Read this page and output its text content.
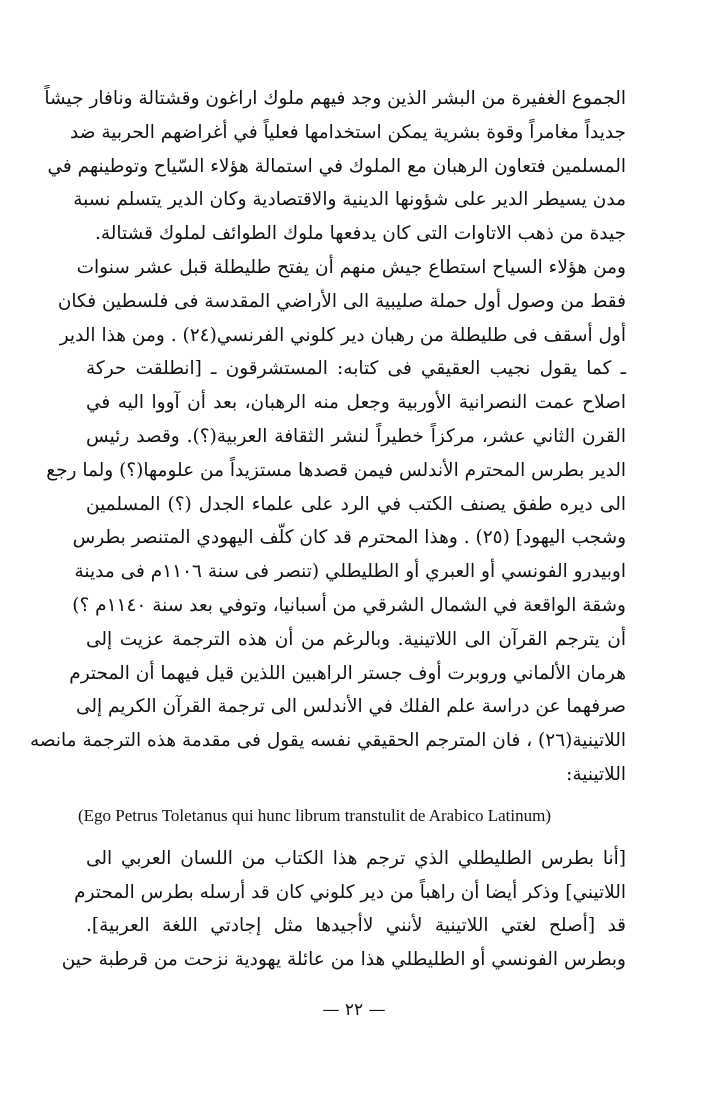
الجموع الغفيرة من البشر الذين وجد فيهم ملوك اراغون وقشتالة ونافار جيشاً
جديداً مغامراً وقوة بشرية يمكن استخدامها فعلياً في أغراضهم الحربية ضد
المسلمين فتعاون الرهبان مع الملوك في استمالة هؤلاء السّياح وتوطينهم في
مدن يسيطر الدير على شؤونها الدينية والاقتصادية وكان الدير يتسلم نسبة
جيدة من ذهب الاتاوات التى كان يدفعها ملوك الطوائف لملوك قشتالة.
ومن هؤلاء السياح استطاع جيش منهم أن يفتح طليطلة قبل عشر سنوات
فقط من وصول أول حملة صليبية الى الأراضي المقدسة فى فلسطين فكان
أول أسقف فى طليطلة من رهبان دير كلوني الفرنسي(٢٤) . ومن هذا الدير
ـ كما يقول نجيب العقيقي فى كتابه: المستشرقون ـ [انطلقت حركة
اصلاح عمت النصرانية الأوربية وجعل منه الرهبان، بعد أن آووا اليه في
القرن الثاني عشر، مركزاً خطيراً لنشر الثقافة العربية(؟). وقصد رئيس
الدير بطرس المحترم الأندلس فيمن قصدها مستزيداً من علومها(؟) ولما رجع
الى ديره طفق يصنف الكتب في الرد على علماء الجدل (؟) المسلمين
وشجب اليهود] (٢٥) . وهذا المحترم قد كان كلّف اليهودي المتنصر بطرس
اوبيدرو الفونسي أو العبري أو الطليطلي (تنصر فى سنة ١١٠٦م فى مدينة
وشقة الواقعة في الشمال الشرقي من أسبانيا، وتوفي بعد سنة ١١٤٠م ؟)
أن يترجم القرآن الى اللاتينية. وبالرغم من أن هذه الترجمة عزيت إلى
هرمان الألماني وروبرت أوف جستر الراهبين اللذين قيل فيهما أن المحترم
صرفهما عن دراسة علم الفلك في الأندلس الى ترجمة القرآن الكريم إلى
اللاتينية(٢٦) ، فان المترجم الحقيقي نفسه يقول فى مقدمة هذه الترجمة مانصه
اللاتينية:
(Ego Petrus Toletanus qui hunc librum transtulit de Arabico Latinum)
[أنا بطرس الطليطلي الذي ترجم هذا الكتاب من اللسان العربي الى
اللاتيني] وذكر أيضا أن راهباً من دير كلوني كان قد أرسله بطرس المحترم
قد [أصلح لغتي اللاتينية لأنني لاأجيدها مثل إجادتي اللغة العربية].
وبطرس الفونسي أو الطليطلي هذا من عائلة يهودية نزحت من قرطبة حين
— ٢٢ —
